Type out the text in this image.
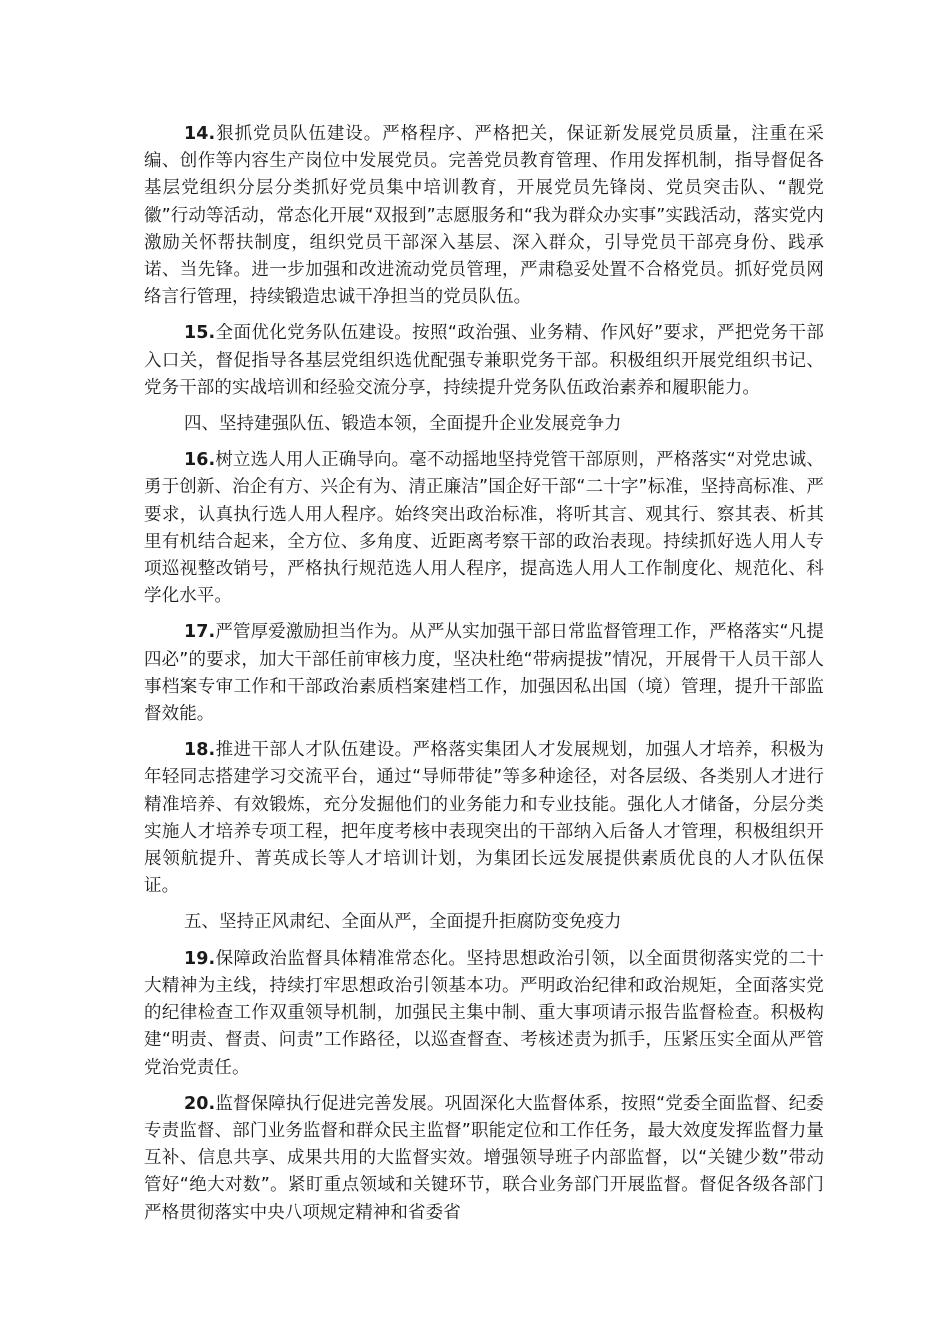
14.狠抓党员队伍建设。严格程序、严格把关，保证新发展党员质量，注重在采编、创作等内容生产岗位中发展党员。完善党员教育管理、作用发挥机制，指导督促各基层党组织分层分类抓好党员集中培训教育，开展党员先锋岗、党员突击队、“靓党徽”行动等活动，常态化开展“双报到”志愿服务和“我为群众办实事”实践活动，落实党内激励关怀帮扶制度，组织党员干部深入基层、深入群众，引导党员干部亮身份、践承诺、当先锋。进一步加强和改进流动党员管理，严肃稳妥处置不合格党员。抓好党员网络言行管理，持续锻造忠诚干净担当的党员队伍。

15.全面优化党务队伍建设。按照“政治强、业务精、作风好”要求，严把党务干部入口关，督促指导各基层党组织选优配强专兼职党务干部。积极组织开展党组织书记、党务干部的实战培训和经验交流分享，持续提升党务队伍政治素养和履职能力。

四、坚持建强队伍、锻造本领，全面提升企业发展竞争力

16.树立选人用人正确导向。毫不动摇地坚持党管干部原则，严格落实“对党忠诚、勇于创新、治企有方、兴企有为、清正廉洁”国企好干部“二十字”标准，坚持高标准、严要求，认真执行选人用人程序。始终突出政治标准，将听其言、观其行、察其表、析其里有机结合起来，全方位、多角度、近距离考察干部的政治表现。持续抓好选人用人专项巡视整改销号，严格执行规范选人用人程序，提高选人用人工作制度化、规范化、科学化水平。

17.严管厚爱激励担当作为。从严从实加强干部日常监督管理工作，严格落实“凡提四必”的要求，加大干部任前审核力度，坚决杜绝“带病提拔”情况，开展骨干人员干部人事档案专审工作和干部政治素质档案建档工作，加强因私出国（境）管理，提升干部监督效能。

18.推进干部人才队伍建设。严格落实集团人才发展规划，加强人才培养，积极为年轻同志搭建学习交流平台，通过“导师带徒”等多种途径，对各层级、各类别人才进行精准培养、有效锻炼，充分发掘他们的业务能力和专业技能。强化人才储备，分层分类实施人才培养专项工程，把年度考核中表现突出的干部纳入后备人才管理，积极组织开展领航提升、菁英成长等人才培训计划，为集团长远发展提供素质优良的人才队伍保证。

五、坚持正风肃纪、全面从严，全面提升拒腐防变免疫力

19.保障政治监督具体精准常态化。坚持思想政治引领，以全面贯彻落实党的二十大精神为主线，持续打牢思想政治引领基本功。严明政治纪律和政治规矩，全面落实党的纪律检查工作双重领导机制，加强民主集中制、重大事项请示报告监督检查。积极构建“明责、督责、问责”工作路径，以巡查督查、考核述责为抓手，压紧压实全面从严管党治党责任。

20.监督保障执行促进完善发展。巩固深化大监督体系，按照“党委全面监督、纪委专责监督、部门业务监督和群众民主监督”职能定位和工作任务，最大效度发挥监督力量互补、信息共享、成果共用的大监督实效。增强领导班子内部监督，以“关键少数”带动管好“绝大对数”。紧盯重点领域和关键环节，联合业务部门开展监督。督促各级各部门严格贯彻落实中央八项规定精神和省委省
